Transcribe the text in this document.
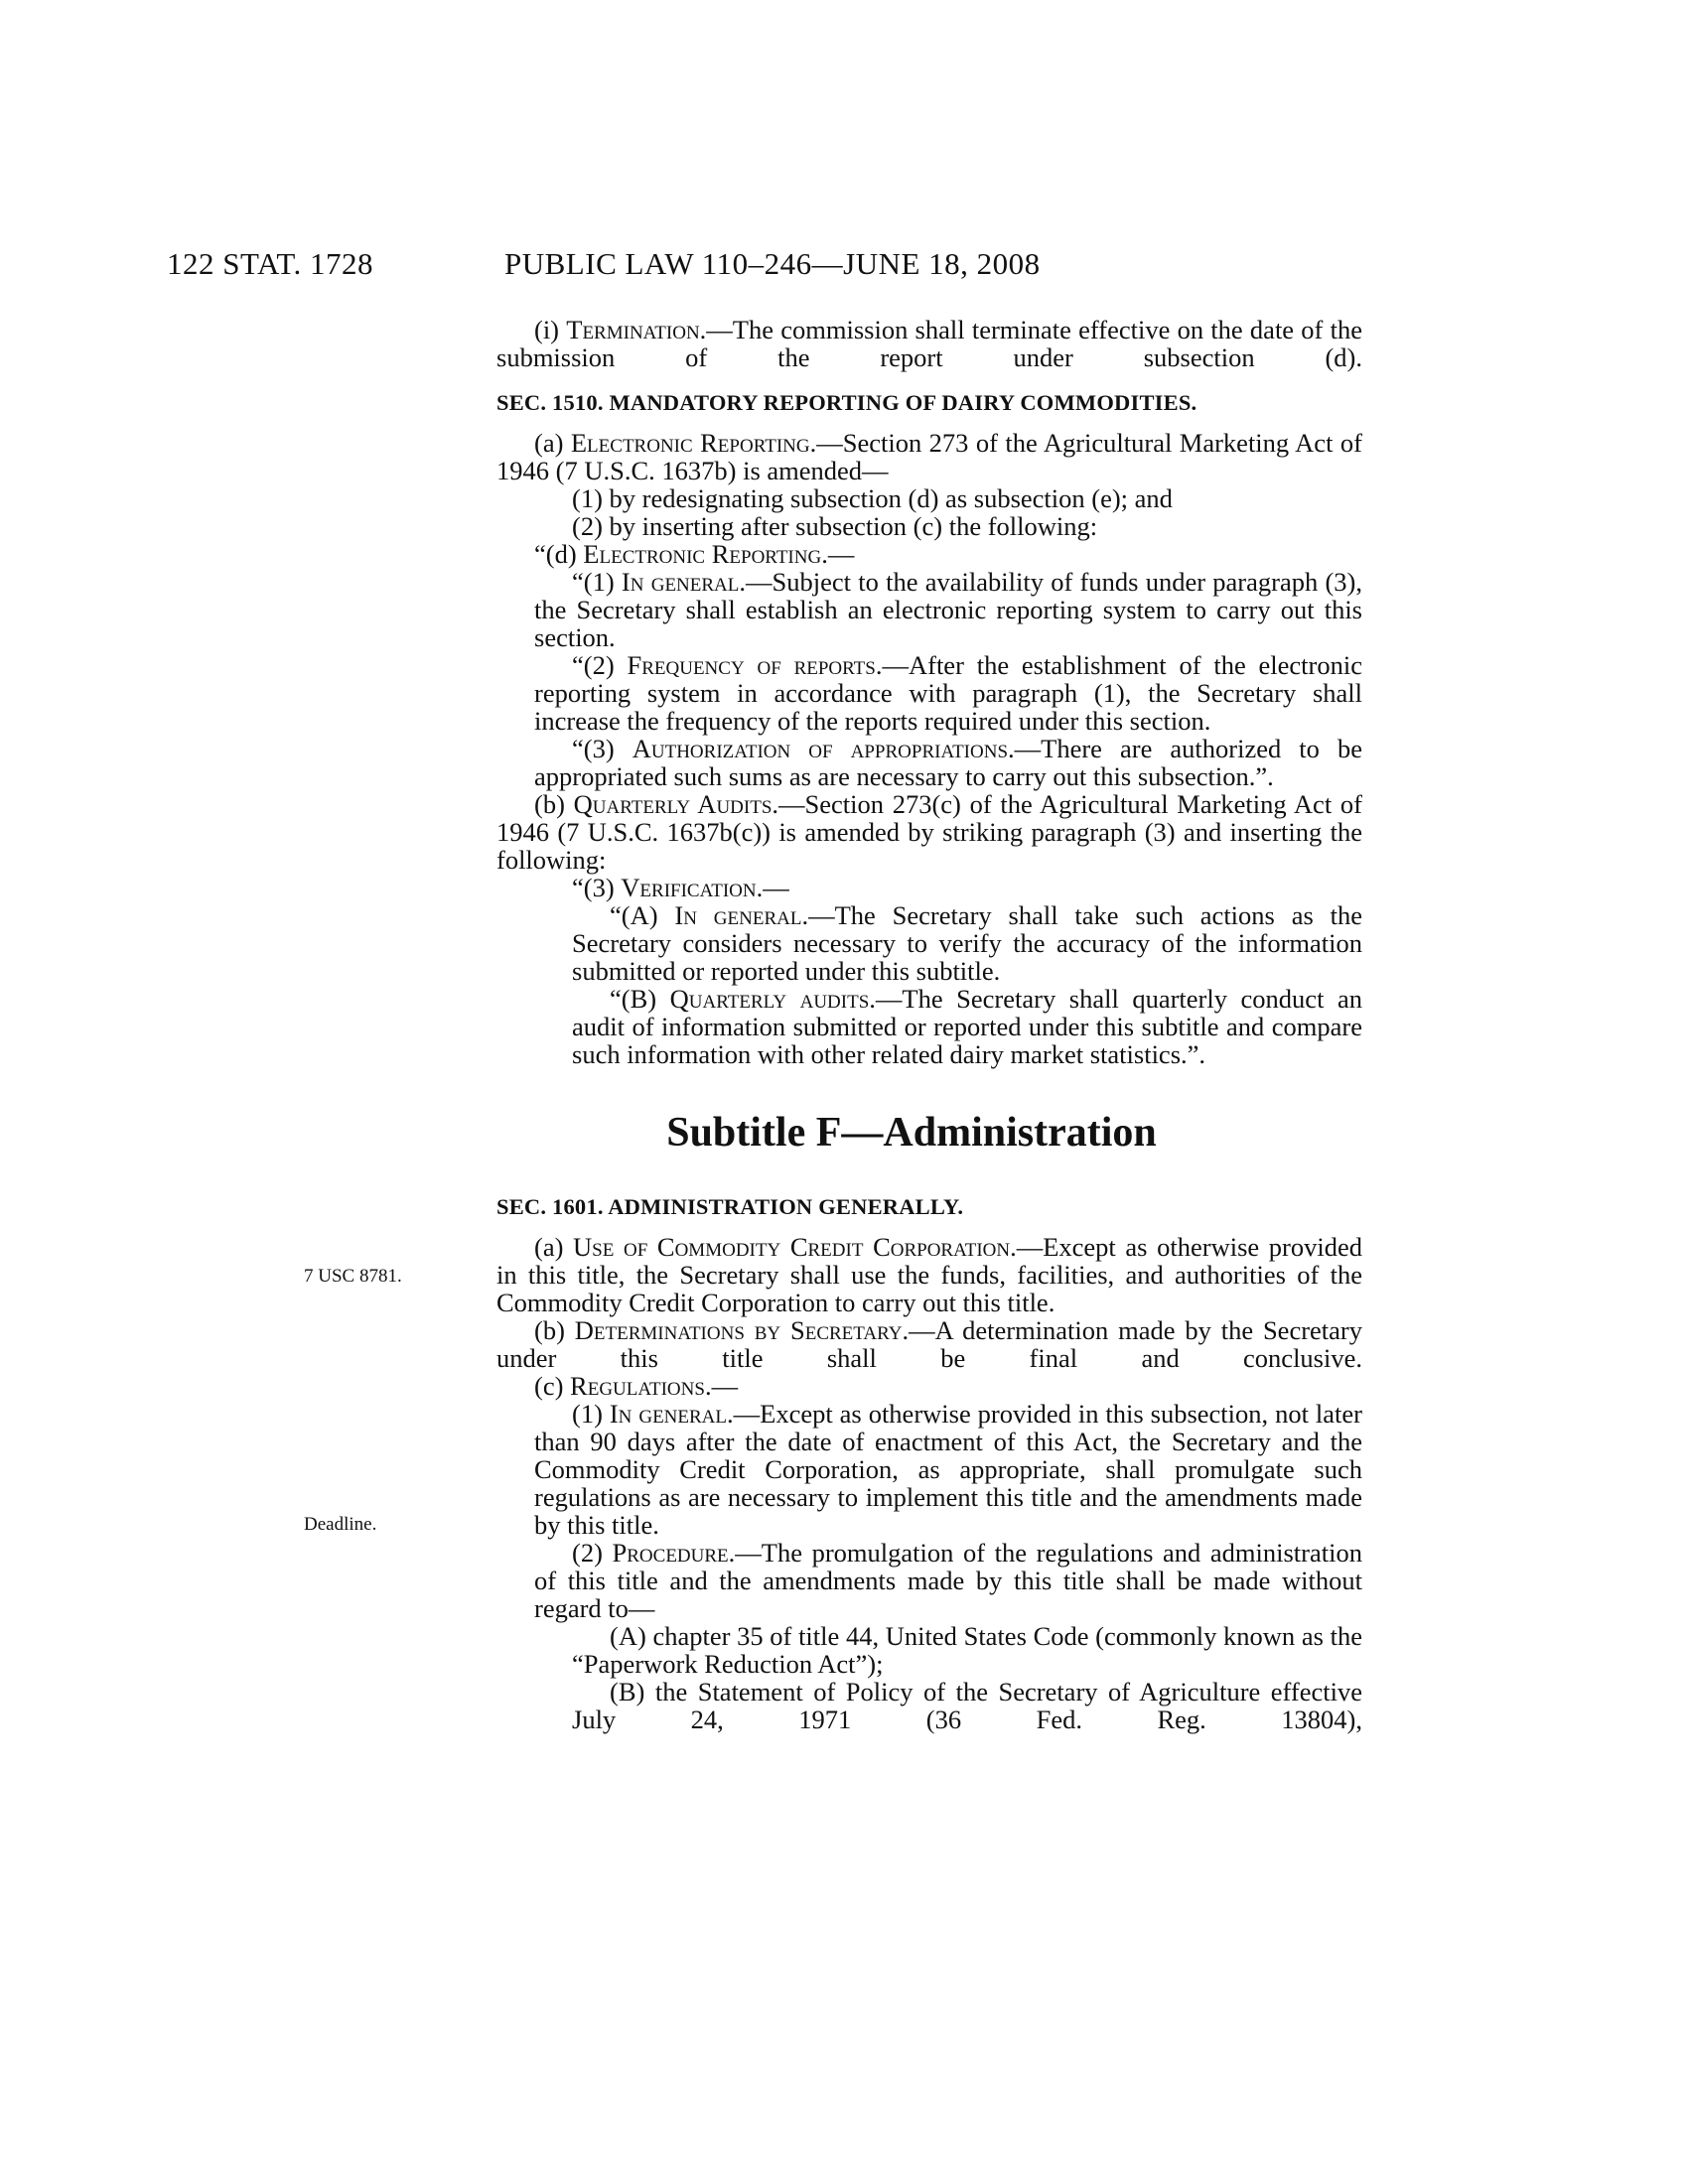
122 STAT. 1728	PUBLIC LAW 110–246—JUNE 18, 2008
7 USC 8781.
Deadline.

(i) Termination.—The commission shall terminate effective on the date of the submission of the report under subsection (d).

SEC. 1510. MANDATORY REPORTING OF DAIRY COMMODITIES.

(a) Electronic Reporting.—Section 273 of the Agricultural Marketing Act of 1946 (7 U.S.C. 1637b) is amended—

(1) by redesignating subsection (d) as subsection (e); and

(2) by inserting after subsection (c) the following:

“(d) Electronic Reporting.—

“(1) In general.—Subject to the availability of funds under paragraph (3), the Secretary shall establish an electronic reporting system to carry out this section.

“(2) Frequency of reports.—After the establishment of the electronic reporting system in accordance with paragraph (1), the Secretary shall increase the frequency of the reports required under this section.

“(3) Authorization of appropriations.—There are authorized to be appropriated such sums as are necessary to carry out this subsection.”.

(b) Quarterly Audits.—Section 273(c) of the Agricultural Marketing Act of 1946 (7 U.S.C. 1637b(c)) is amended by striking paragraph (3) and inserting the following:

“(3) Verification.—

“(A) In general.—The Secretary shall take such actions as the Secretary considers necessary to verify the accuracy of the information submitted or reported under this subtitle.

“(B) Quarterly audits.—The Secretary shall quarterly conduct an audit of information submitted or reported under this subtitle and compare such information with other related dairy market statistics.”.

Subtitle F—Administration

SEC. 1601. ADMINISTRATION GENERALLY.

(a) Use of Commodity Credit Corporation.—Except as otherwise provided in this title, the Secretary shall use the funds, facilities, and authorities of the Commodity Credit Corporation to carry out this title.

(b) Determinations by Secretary.—A determination made by the Secretary under this title shall be final and conclusive.

(c) Regulations.—

(1) In general.—Except as otherwise provided in this subsection, not later than 90 days after the date of enactment of this Act, the Secretary and the Commodity Credit Corporation, as appropriate, shall promulgate such regulations as are necessary to implement this title and the amendments made by this title.

(2) Procedure.—The promulgation of the regulations and administration of this title and the amendments made by this title shall be made without regard to—

(A) chapter 35 of title 44, United States Code (commonly known as the “Paperwork Reduction Act”);

(B) the Statement of Policy of the Secretary of Agriculture effective July 24, 1971 (36 Fed. Reg. 13804),
